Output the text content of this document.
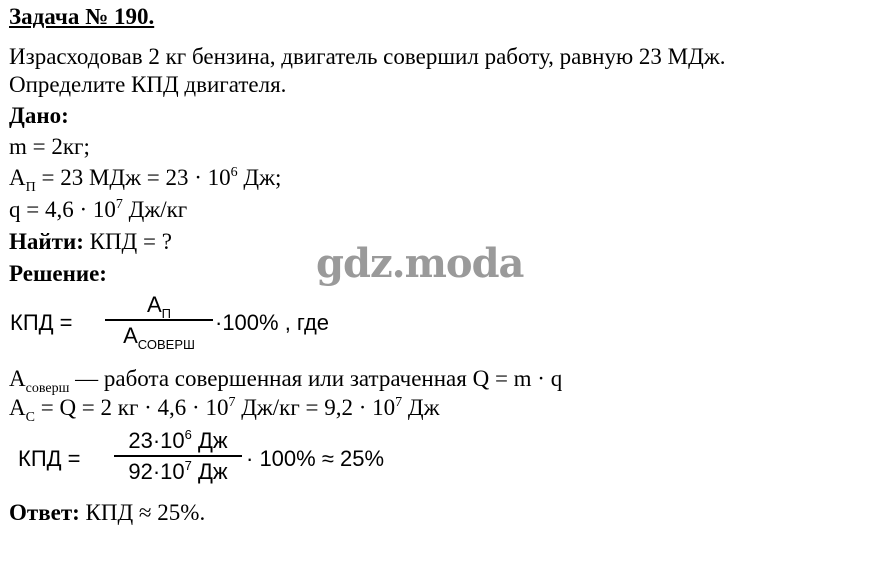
Задача № 190.
Израсходовав 2 кг бензина, двигатель совершил работу, равную 23 МДж.
Определите КПД двигателя.
Дано:
m = 2кг;
$A_П = 23$ МДж = $23 \cdot 10^6$ Дж;
$q = 4,6 \cdot 10^7$ Дж/кг
Найти: КПД = ?
Решение:	gdz.moda
КПД =
$A_П$
$A_{СОВЕРШ}$
·100% , где
$A_{соверш}$ — работа совершенная или затраченная Q = m · q
$A_C = Q = 2$ кг · $4,6 \cdot 10^7$ $Дж/кг = 9,2 \cdot 10^7$ Дж
КПД =
$23\cdot 10^6$ Дж
$92\cdot 10^7$ Дж · 100% ≈ 25%
Ответ: КПД ≈ 25%.
